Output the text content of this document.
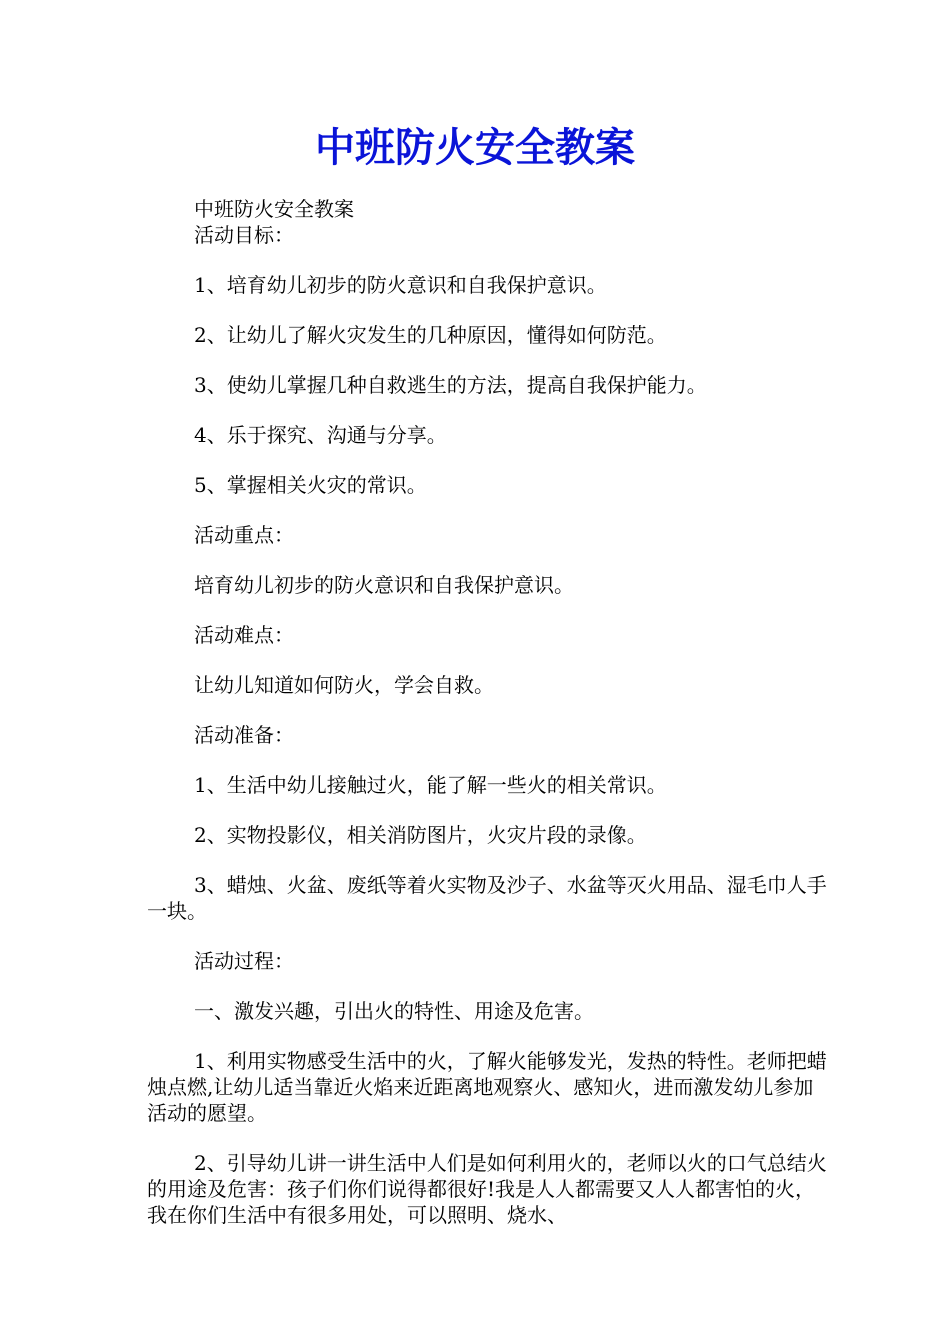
中班防火安全教案

中班防火安全教案

活动目标：

1、培育幼儿初步的防火意识和自我保护意识。

2、让幼儿了解火灾发生的几种原因，懂得如何防范。

3、使幼儿掌握几种自救逃生的方法，提高自我保护能力。

4、乐于探究、沟通与分享。

5、掌握相关火灾的常识。

活动重点：

培育幼儿初步的防火意识和自我保护意识。

活动难点：

让幼儿知道如何防火，学会自救。

活动准备：

1、生活中幼儿接触过火，能了解一些火的相关常识。

2、实物投影仪，相关消防图片，火灾片段的录像。

3、蜡烛、火盆、废纸等着火实物及沙子、水盆等灭火用品、湿毛巾人手一块。

活动过程：

一、激发兴趣，引出火的特性、用途及危害。

1、利用实物感受生活中的火，了解火能够发光，发热的特性。老师把蜡烛点燃,让幼儿适当靠近火焰来近距离地观察火、感知火，进而激发幼儿参加活动的愿望。

2、引导幼儿讲一讲生活中人们是如何利用火的，老师以火的口气总结火的用途及危害：孩子们你们说得都很好!我是人人都需要又人人都害怕的火，我在你们生活中有很多用处，可以照明、烧水、
